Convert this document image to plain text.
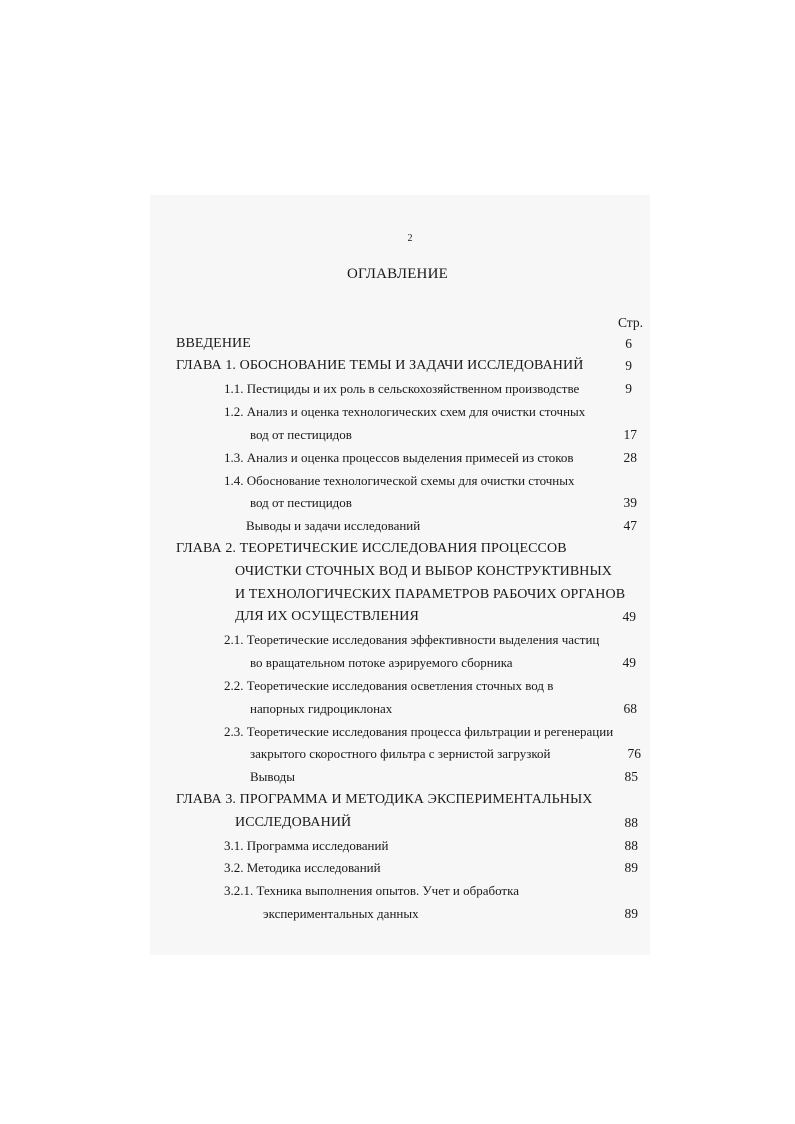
2
ОГЛАВЛЕНИЕ
Стр.
ВВЕДЕНИЕ	6
ГЛАВА 1. ОБОСНОВАНИЕ ТЕМЫ И ЗАДАЧИ ИССЛЕДОВАНИЙ	9
1.1. Пестициды и их роль в сельскохозяйственном производстве	9
1.2. Анализ и оценка технологических схем для очистки сточных
вод от пестицидов	17
1.3. Анализ и оценка процессов выделения примесей из стоков	28
1.4. Обоснование технологической схемы для очистки сточных
вод от пестицидов	39
Выводы и задачи исследований	47
ГЛАВА 2. ТЕОРЕТИЧЕСКИЕ ИССЛЕДОВАНИЯ ПРОЦЕССОВ
ОЧИСТКИ СТОЧНЫХ ВОД И ВЫБОР КОНСТРУКТИВНЫХ
И ТЕХНОЛОГИЧЕСКИХ ПАРАМЕТРОВ РАБОЧИХ ОРГАНОВ
ДЛЯ ИХ ОСУЩЕСТВЛЕНИЯ	49
2.1. Теоретические исследования эффективности выделения частиц
во вращательном потоке аэрируемого сборника	49
2.2. Теоретические исследования осветления сточных вод в
напорных гидроциклонах	68
2.3. Теоретические исследования процесса фильтрации и регенерации
закрытого скоростного фильтра с зернистой загрузкой	76
Выводы	85
ГЛАВА 3. ПРОГРАММА И МЕТОДИКА ЭКСПЕРИМЕНТАЛЬНЫХ
ИССЛЕДОВАНИЙ	88
3.1. Программа исследований	88
3.2. Методика исследований	89
3.2.1. Техника выполнения опытов. Учет и обработка
экспериментальных данных	89
